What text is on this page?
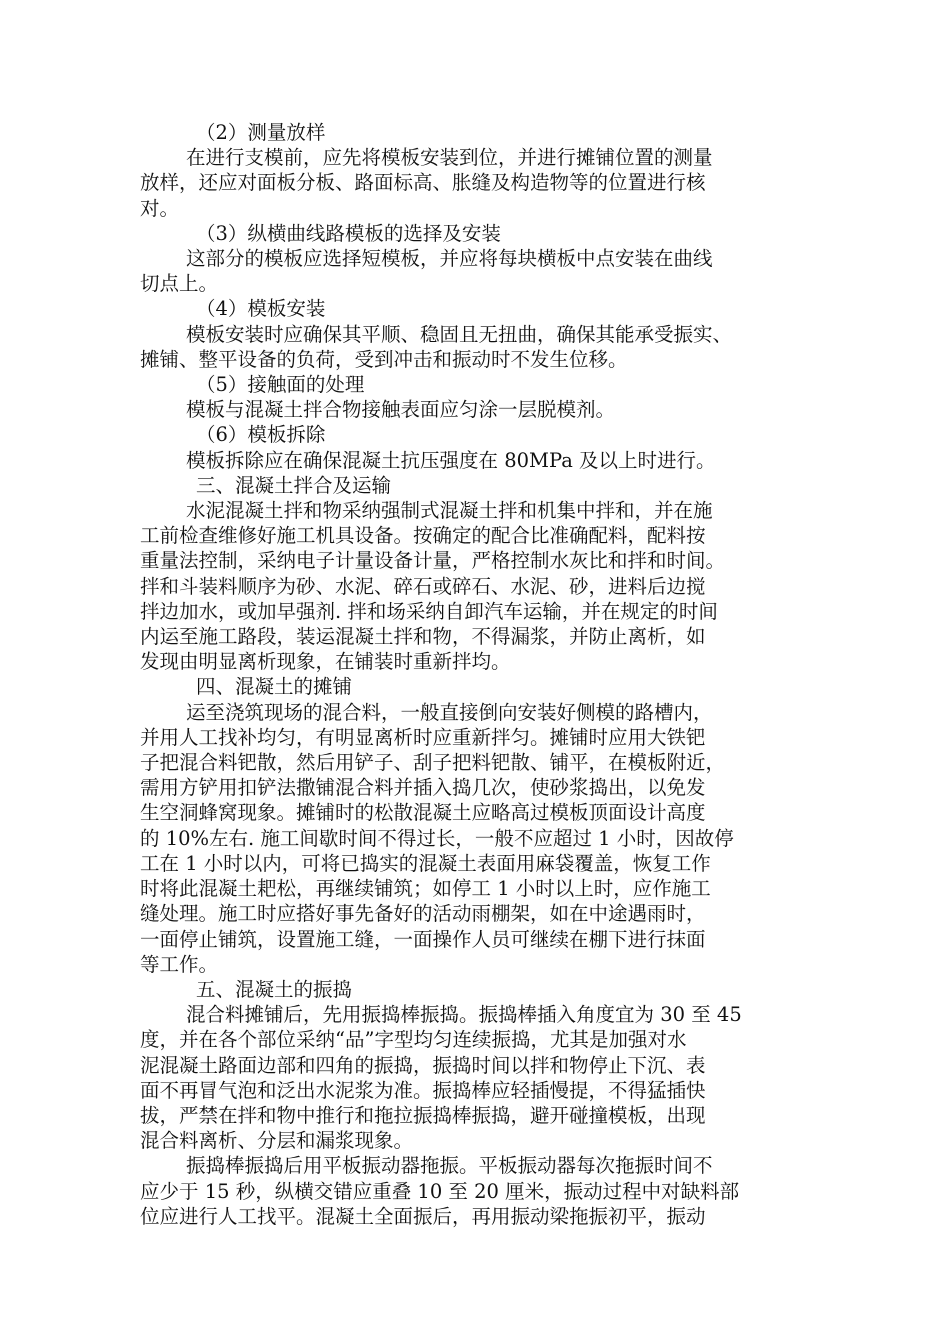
（2）测量放样
在进行支模前，应先将模板安装到位，并进行摊铺位置的测量
放样，还应对面板分板、路面标高、胀缝及构造物等的位置进行核
对。
（3）纵横曲线路模板的选择及安装
这部分的模板应选择短模板，并应将每块横板中点安装在曲线
切点上。
（4）模板安装
模板安装时应确保其平顺、稳固且无扭曲，确保其能承受振实、
摊铺、整平设备的负荷，受到冲击和振动时不发生位移。
（5）接触面的处理
模板与混凝土拌合物接触表面应匀涂一层脱模剂。
（6）模板拆除
模板拆除应在确保混凝土抗压强度在 80MPa 及以上时进行。
三、混凝土拌合及运输
水泥混凝土拌和物采纳强制式混凝土拌和机集中拌和，并在施
工前检查维修好施工机具设备。按确定的配合比准确配料，配料按
重量法控制，采纳电子计量设备计量，严格控制水灰比和拌和时间。
拌和斗装料顺序为砂、水泥、碎石或碎石、水泥、砂，进料后边搅
拌边加水，或加早强剂. 拌和场采纳自卸汽车运输，并在规定的时间
内运至施工路段，装运混凝土拌和物，不得漏浆，并防止离析，如
发现由明显离析现象，在铺装时重新拌均。
四、混凝土的摊铺
运至浇筑现场的混合料，一般直接倒向安装好侧模的路槽内，
并用人工找补均匀，有明显离析时应重新拌匀。摊铺时应用大铁钯
子把混合料钯散，然后用铲子、刮子把料钯散、铺平，在模板附近，
需用方铲用扣铲法撒铺混合料并插入捣几次，使砂浆捣出，以免发
生空洞蜂窝现象。摊铺时的松散混凝土应略高过模板顶面设计高度
的 10%左右. 施工间歇时间不得过长，一般不应超过 1 小时，因故停
工在 1 小时以内，可将已捣实的混凝土表面用麻袋覆盖，恢复工作
时将此混凝土耙松，再继续铺筑；如停工 1 小时以上时，应作施工
缝处理。施工时应搭好事先备好的活动雨棚架，如在中途遇雨时，
一面停止铺筑，设置施工缝，一面操作人员可继续在棚下进行抹面
等工作。
五、混凝土的振捣
混合料摊铺后，先用振捣棒振捣。振捣棒插入角度宜为 30 至 45
度，并在各个部位采纳“品”字型均匀连续振捣，尤其是加强对水
泥混凝土路面边部和四角的振捣，振捣时间以拌和物停止下沉、表
面不再冒气泡和泛出水泥浆为准。振捣棒应轻插慢提，不得猛插快
拔，严禁在拌和物中推行和拖拉振捣棒振捣，避开碰撞模板，出现
混合料离析、分层和漏浆现象。
振捣棒振捣后用平板振动器拖振。平板振动器每次拖振时间不
应少于 15 秒，纵横交错应重叠 10 至 20 厘米，振动过程中对缺料部
位应进行人工找平。混凝土全面振后，再用振动梁拖振初平，振动
